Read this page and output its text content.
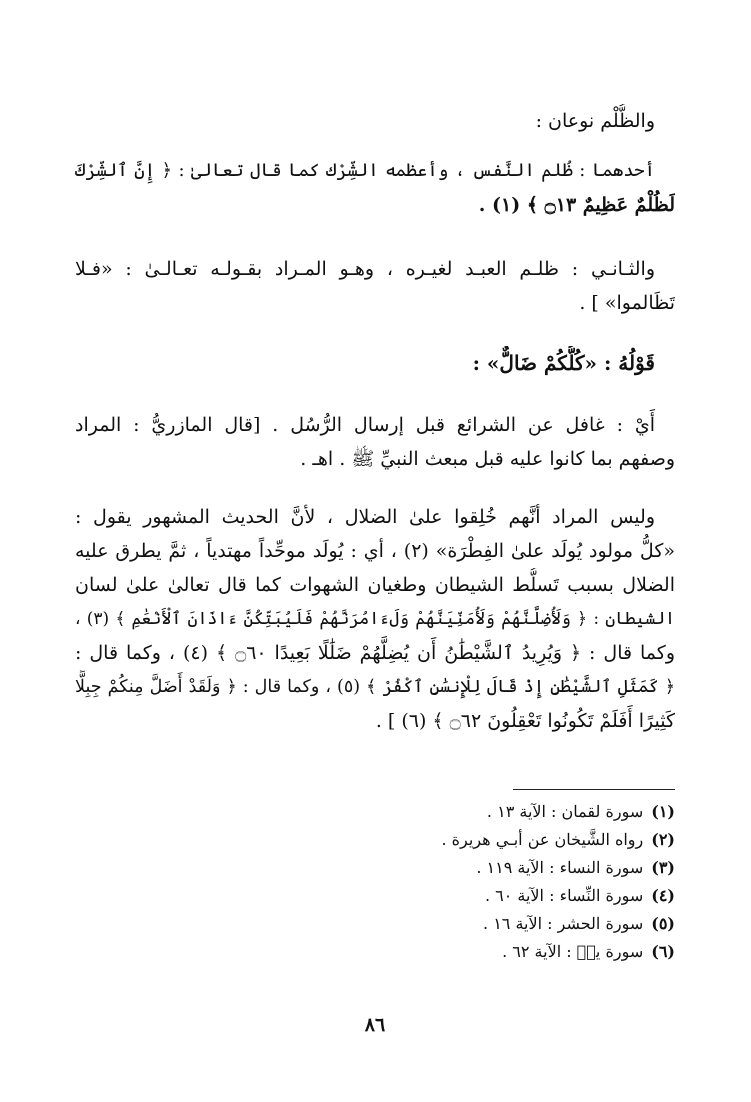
والظُّلْم نوعان :

أحدهما : ظُلم النَّفس ، وأعظمه الشِّرْك كما قال تعالىٰ : ﴿ إِنَّ ٱلشِّرْكَ
لَظُلْمٌ عَظِيمٌ ۝١٣ ﴾ (١) .

والثـانـي : ظلـم العبـد لغيـره ، وهـو المـراد بقـولـه تعـالـىٰ : «فـلا
تَظَالموا» ] .

قَوْلُهُ : «كُلُّكُمْ ضَالٌّ» :

أَيْ : غافل عن الشرائع قبل إرسال الرُّسُل . [قال المازريُّ : المراد
وصفهم بما كانوا عليه قبل مبعث النبيِّ ﷺ . اهـ .

وليس المراد أنَّهم خُلِقوا علىٰ الضلال ، لأنَّ الحديث المشهور يقول :
«كلُّ مولود يُولَد علىٰ الفِطْرَة» (٢) ، أي : يُولَد موحِّداً مهتدياً ، ثمَّ يطرق عليه
الضلال بسبب تَسلُّط الشيطان وطغيان الشهوات كما قال تعالىٰ علىٰ لسان
الشيطان : ﴿ وَلَأُضِلَّنَّهُمْ وَلَأُمَنِّيَنَّهُمْ وَلَءَامُرَنَّهُمْ فَلَيُبَتِّكُنَّ ءَاذَانَ ٱلْأَنْعَٰمِ ﴾ (٣) ،
وكما قال : ﴿ وَيُرِيدُ ٱلشَّيْطَٰنُ أَن يُضِلَّهُمْ ضَلَٰلًا بَعِيدًا ۝٦٠ ﴾ (٤) ، وكما قال :
﴿ كَمَثَلِ ٱلشَّيْطَٰنِ إِذْ قَالَ لِلْإِنسَٰنِ ٱكْفُرْ ﴾ (٥) ، وكما قال : ﴿ وَلَقَدْ أَضَلَّ مِنكُمْ جِبِلًّا
كَثِيرًا أَفَلَمْ تَكُونُوا تَعْقِلُونَ ۝٦٢ ﴾ (٦) ] .

(١)سورة لقمان : الآية ١٣ .
(٢)رواه الشَّيخان عن أبـي هريرة .
(٣)سورة النساء : الآية ١١٩ .
(٤)سورة النِّساء : الآية ٦٠ .
(٥)سورة الحشر : الآية ١٦ .
(٦)سورة يسۤ : الآية ٦٢ .
٨٦
